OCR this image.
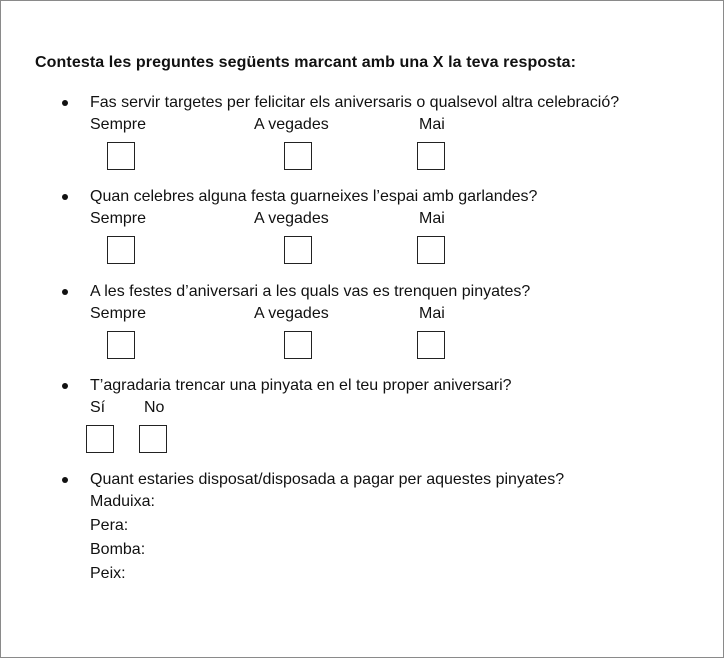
Contesta les preguntes següents marcant amb una X la teva resposta:
Fas servir targetes per felicitar els aniversaris o qualsevol altra celebració?
Sempre	A vegades	Mai
Quan celebres alguna festa guarneixes l’espai amb garlandes?
Sempre	A vegades	Mai
A les festes d’aniversari a les quals vas es trenquen pinyates?
Sempre	A vegades	Mai
T’agradaria trencar una pinyata en el teu proper aniversari?
Sí No
Quant estaries disposat/disposada a pagar per aquestes pinyates?
Maduixa:
Pera:
Bomba:
Peix:
